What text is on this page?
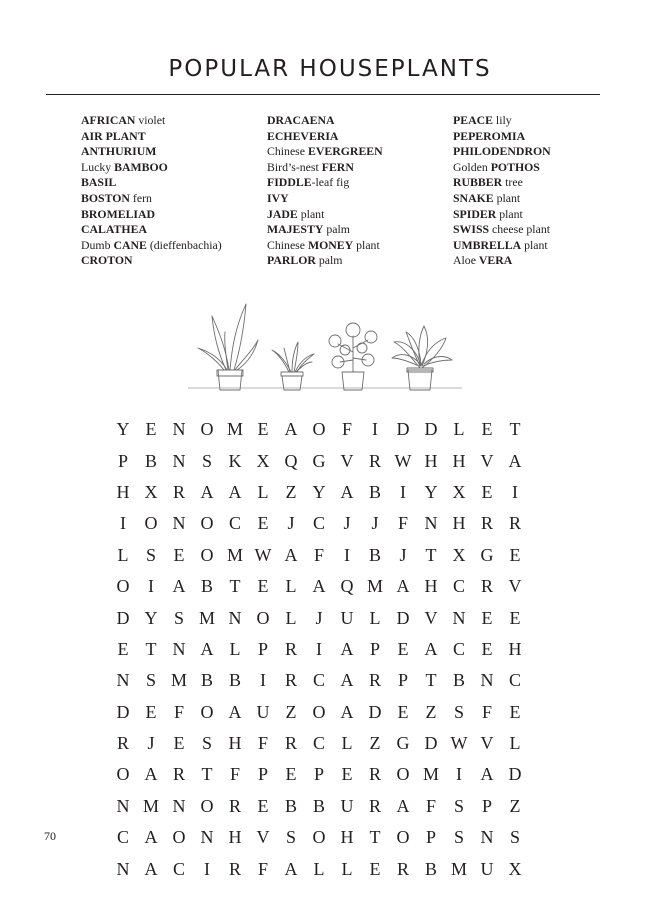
POPULAR HOUSEPLANTS
AFRICAN violet
AIR PLANT
ANTHURIUM
Lucky BAMBOO
BASIL
BOSTON fern
BROMELIAD
CALATHEA
Dumb CANE (dieffenbachia)
CROTON
DRACAENA
ECHEVERIA
Chinese EVERGREEN
Bird’s-nest FERN
FIDDLE-leaf fig
IVY
JADE plant
MAJESTY palm
Chinese MONEY plant
PARLOR palm
PEACE lily
PEPEROMIA
PHILODENDRON
Golden POTHOS
RUBBER tree
SNAKE plant
SPIDER plant
SWISS cheese plant
UMBRELLA plant
Aloe VERA
Y	E	N	O	M	E	A	O	F	I	D	D	L	E	T
P	B	N	S	K	X	Q	G	V	R	W	H	H	V	A
H	X	R	A	A	L	Z	Y	A	B	I	Y	X	E	I
I	O	N	O	C	E	J	C	J	J	F	N	H	R	R
L	S	E	O	M	W	A	F	I	B	J	T	X	G	E
O	I	A	B	T	E	L	A	Q	M	A	H	C	R	V
D	Y	S	M	N	O	L	J	U	L	D	V	N	E	E
E	T	N	A	L	P	R	I	A	P	E	A	C	E	H
N	S	M	B	B	I	R	C	A	R	P	T	B	N	C
D	E	F	O	A	U	Z	O	A	D	E	Z	S	F	E
R	J	E	S	H	F	R	C	L	Z	G	D	W	V	L
O	A	R	T	F	P	E	P	E	R	O	M	I	A	D
N	M	N	O	R	E	B	B	U	R	A	F	S	P	Z
C	A	O	N	H	V	S	O	H	T	O	P	S	N	S
N	A	C	I	R	F	A	L	L	E	R	B	M	U	X
70
